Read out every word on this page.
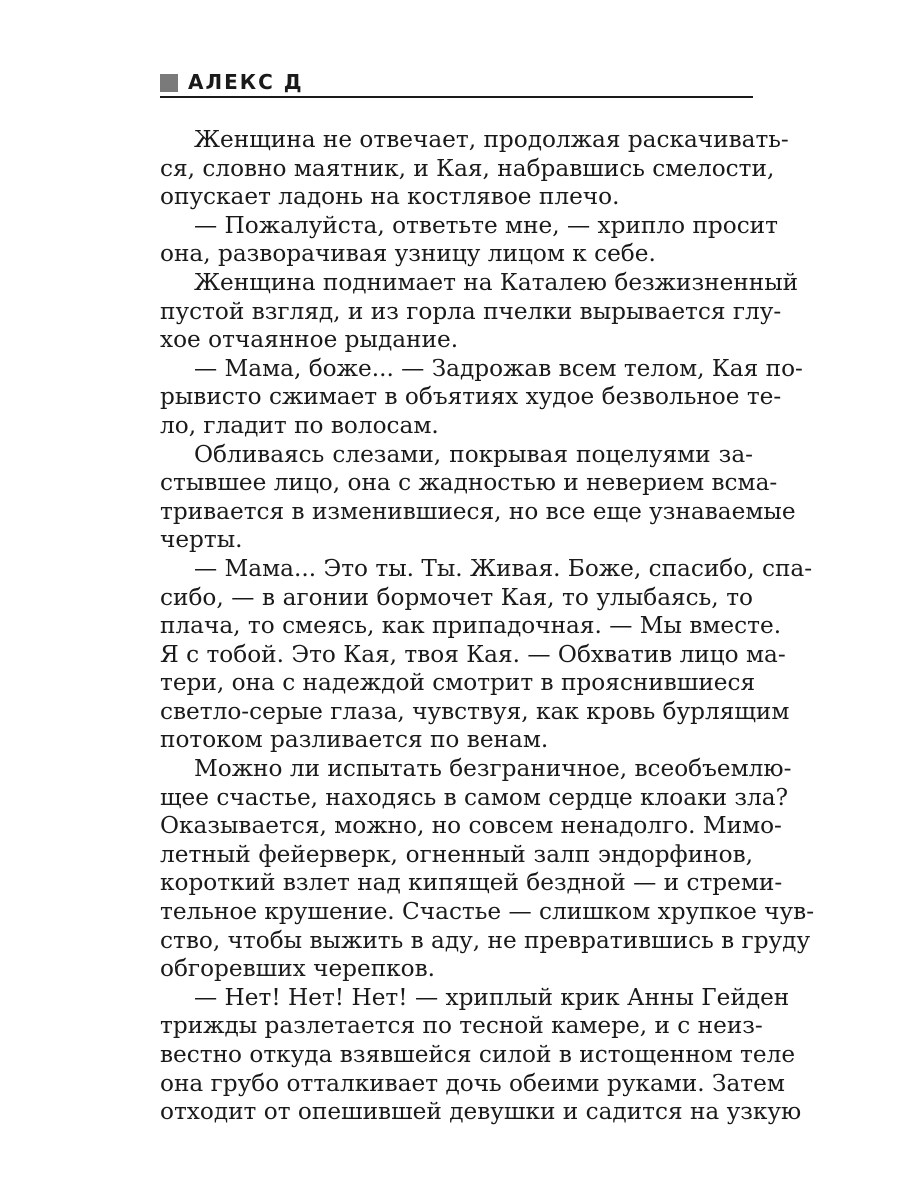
АЛЕКС Д
Женщина не отвечает, продолжая раскачивать-
ся, словно маятник, и Кая, набравшись смелости,
опускает ладонь на костлявое плечо.
— Пожалуйста, ответьте мне, — хрипло просит
она, разворачивая узницу лицом к себе.
Женщина поднимает на Каталею безжизненный
пустой взгляд, и из горла пчелки вырывается глу-
хое отчаянное рыдание.
— Мама, боже... — Задрожав всем телом, Кая по-
рывисто сжимает в объятиях худое безвольное те-
ло, гладит по волосам.
Обливаясь слезами, покрывая поцелуями за-
стывшее лицо, она с жадностью и неверием всма-
тривается в изменившиеся, но все еще узнаваемые
черты.
— Мама... Это ты. Ты. Живая. Боже, спасибо, спа-
сибо, — в агонии бормочет Кая, то улыбаясь, то
плача, то смеясь, как припадочная. — Мы вместе.
Я с тобой. Это Кая, твоя Кая. — Обхватив лицо ма-
тери, она с надеждой смотрит в прояснившиеся
светло-серые глаза, чувствуя, как кровь бурлящим
потоком разливается по венам.
Можно ли испытать безграничное, всеобъемлю-
щее счастье, находясь в самом сердце клоаки зла?
Оказывается, можно, но совсем ненадолго. Мимо-
летный фейерверк, огненный залп эндорфинов,
короткий взлет над кипящей бездной — и стреми-
тельное крушение. Счастье — слишком хрупкое чув-
ство, чтобы выжить в аду, не превратившись в груду
обгоревших черепков.
— Нет! Нет! Нет! — хриплый крик Анны Гейден
трижды разлетается по тесной камере, и с неиз-
вестно откуда взявшейся силой в истощенном теле
она грубо отталкивает дочь обеими руками. Затем
отходит от опешившей девушки и садится на узкую
